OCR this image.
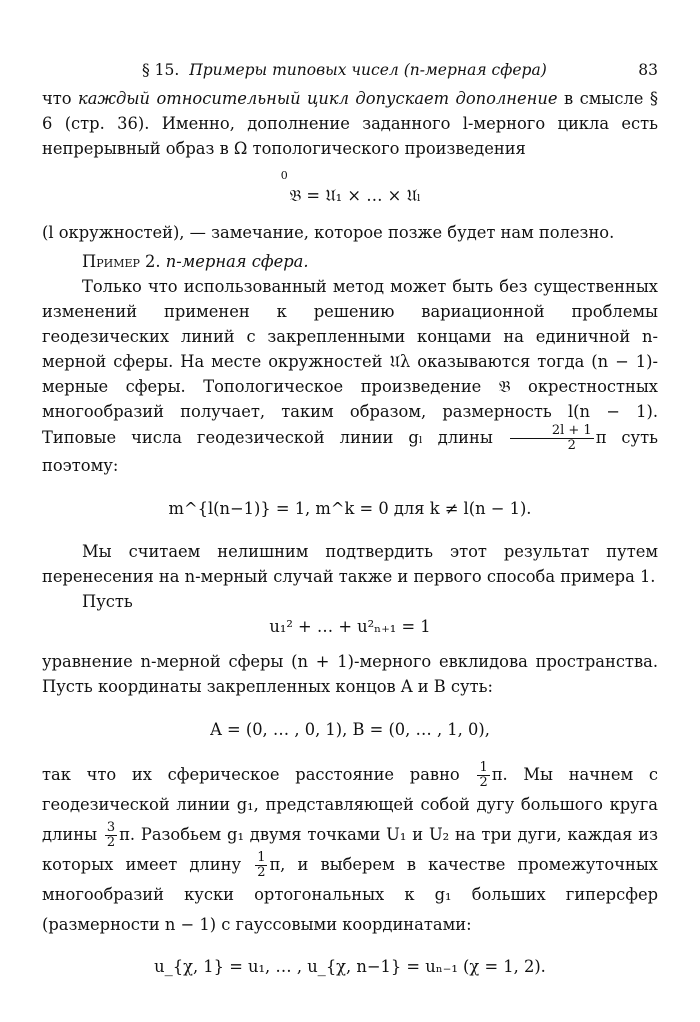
§ 15. Примеры типовых чисел (n-мерная сфера)	83

что каждый относительный цикл допускает дополнение в смысле § 6 (стр. 36). Именно, дополнение заданного l-мерного цикла есть непрерывный образ в Ω топологического произведения

0
𝔅 = 𝔘₁ × … × 𝔘ₗ

(l окружностей), — замечание, которое позже будет нам полезно.

Пример 2. n-мерная сфера.

Только что использованный метод может быть без существенных изменений применен к решению вариационной проблемы геодезических линий с закрепленными концами на единичной n-мерной сферы. На месте окружностей 𝔘λ оказываются тогда (n − 1)-мерные сферы. Топологическое произведение 𝔅 окрестностных многообразий получает, таким образом, размерность l(n − 1). Типовые числа геодезической линии gₗ длины $\frac{2l + 1}{2}$ π суть поэтому:

m^{l(n−1)} = 1, m^k = 0 для k ≠ l(n − 1).

Мы считаем нелишним подтвердить этот результат путем перенесения на n-мерный случай также и первого способа примера 1.

Пусть

u₁² + … + u²ₙ₊₁ = 1

уравнение n-мерной сферы (n + 1)-мерного евклидова пространства. Пусть координаты закрепленных концов A и B суть:

A = (0, … , 0, 1), B = (0, … , 1, 0),

так что их сферическое расстояние равно $\frac{1}{2} \pi$. Мы начнем с геодезической линии g₁, представляющей собой дугу большого круга длины $\frac{3}{2} \pi$. Разобьем g₁ двумя точками U₁ и U₂ на три дуги, каждая из которых имеет длину $\frac{1}{2} \pi$, и выберем в качестве промежуточных многообразий куски ортогональных к g₁ больших гиперсфер (размерности n − 1) с гауссовыми координатами:

u_{χ, 1} = u₁, … , u_{χ, n−1} = uₙ₋₁ (χ = 1, 2).
